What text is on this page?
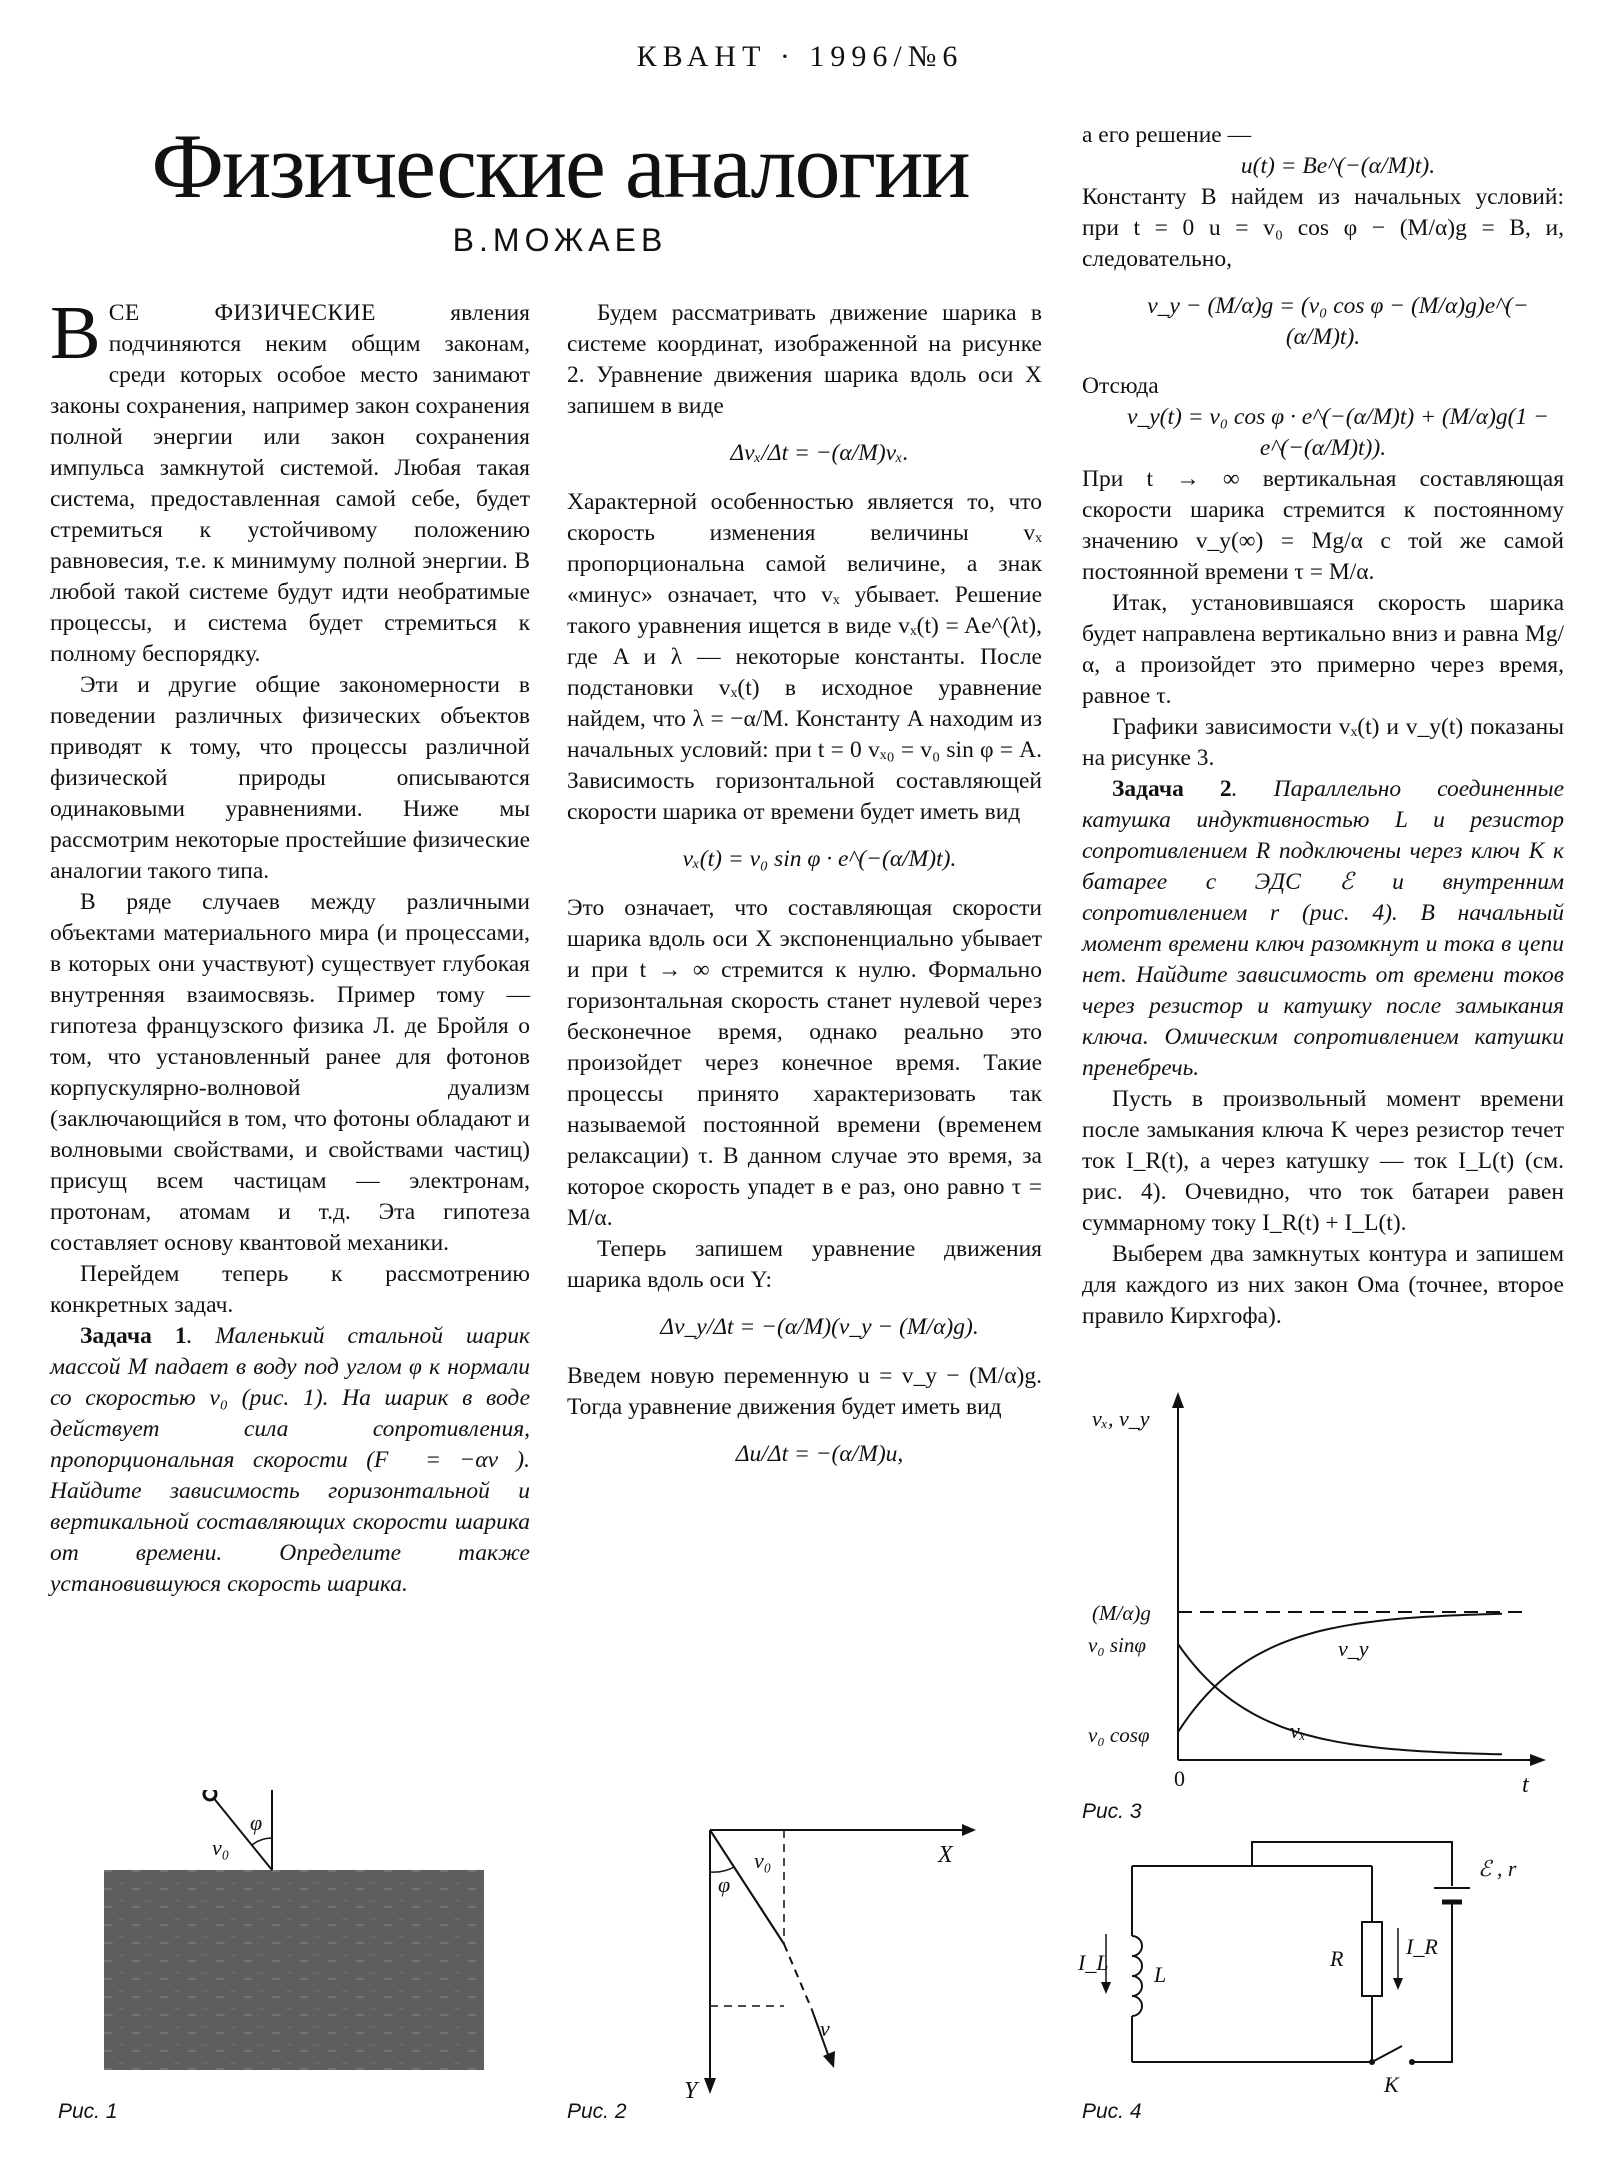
КВАНТ · 1996/№6
Физические аналогии
В.МОЖАЕВ

ВСЕ ФИЗИЧЕСКИЕ явления подчиняются неким общим законам, среди которых особое место занимают законы сохранения, например закон сохранения полной энергии или закон сохранения импульса замкнутой системой. Любая такая система, предоставленная самой себе, будет стремиться к устойчивому положению равновесия, т.е. к минимуму полной энергии. В любой такой системе будут идти необратимые процессы, и система будет стремиться к полному беспорядку.

Эти и другие общие закономерности в поведении различных физических объектов приводят к тому, что процессы различной физической природы описываются одинаковыми уравнениями. Ниже мы рассмотрим некоторые простейшие физические аналогии такого типа.

В ряде случаев между различными объектами материального мира (и процессами, в которых они участвуют) существует глубокая внутренняя взаимосвязь. Пример тому — гипотеза французского физика Л. де Бройля о том, что установленный ранее для фотонов корпускулярно-волновой дуализм (заключающийся в том, что фотоны обладают и волновыми свойствами, и свойствами частиц) присущ всем частицам — электронам, протонам, атомам и т.д. Эта гипотеза составляет основу квантовой механики.

Перейдем теперь к рассмотрению конкретных задач.

Задача 1. Маленький стальной шарик массой M падает в воду под углом φ к нормали со скоростью v₀ (рис. 1). На шарик в воде действует сила сопротивления, пропорциональная скорости (F⃗ = −αv⃗). Найдите зависимость горизонтальной и вертикальной составляющих скорости шарика от времени. Определите также установившуюся скорость шарика.

Будем рассматривать движение шарика в системе координат, изображенной на рисунке 2. Уравнение движения шарика вдоль оси X запишем в виде

Δvₓ/Δt = −(α/M)vₓ.

Характерной особенностью является то, что скорость изменения величины vₓ пропорциональна самой величине, а знак «минус» означает, что vₓ убывает. Решение такого уравнения ищется в виде vₓ(t) = Ae^(λt), где A и λ — некоторые константы. После подстановки vₓ(t) в исходное уравнение найдем, что λ = −α/M. Константу A находим из начальных условий: при t = 0 vₓ₀ = v₀ sin φ = A. Зависимость горизонтальной составляющей скорости шарика от времени будет иметь вид

vₓ(t) = v₀ sin φ · e^(−(α/M)t).

Это означает, что составляющая скорости шарика вдоль оси X экспоненциально убывает и при t → ∞ стремится к нулю. Формально горизонтальная скорость станет нулевой через бесконечное время, однако реально это произойдет через конечное время. Такие процессы принято характеризовать так называемой постоянной времени (временем релаксации) τ. В данном случае это время, за которое скорость упадет в e раз, оно равно τ = M/α.

Теперь запишем уравнение движения шарика вдоль оси Y:

Δv_y/Δt = −(α/M)(v_y − (M/α)g).

Введем новую переменную u = v_y − (M/α)g. Тогда уравнение движения будет иметь вид

Δu/Δt = −(α/M)u,

а его решение —

u(t) = Be^(−(α/M)t).

Константу B найдем из начальных условий: при t = 0 u = v₀ cos φ − (M/α)g = B, и, следовательно,

v_y − (M/α)g = (v₀ cos φ − (M/α)g)e^(−(α/M)t).

Отсюда

v_y(t) = v₀ cos φ · e^(−(α/M)t) + (M/α)g(1 − e^(−(α/M)t)).

При t → ∞ вертикальная составляющая скорости шарика стремится к постоянному значению v_y(∞) = Mg/α с той же самой постоянной времени τ = M/α.

Итак, установившаяся скорость шарика будет направлена вертикально вниз и равна Mg/α, а произойдет это примерно через время, равное τ.

Графики зависимости vₓ(t) и v_y(t) показаны на рисунке 3.

Задача 2. Параллельно соединенные катушка индуктивностью L и резистор сопротивлением R подключены через ключ K к батарее с ЭДС ℰ и внутренним сопротивлением r (рис. 4). В начальный момент времени ключ разомкнут и тока в цепи нет. Найдите зависимость от времени токов через резистор и катушку после замыкания ключа. Омическим сопротивлением катушки пренебречь.

Пусть в произвольный момент времени после замыкания ключа K через резистор течет ток I_R(t), а через катушку — ток I_L(t) (см. рис. 4). Очевидно, что ток батареи равен суммарному току I_R(t) + I_L(t).

Выберем два замкнутых контура и запишем для каждого из них закон Ома (точнее, второе правило Кирхгофа).

φ
v₀
Рис. 1
X
Y
v₀
φ
v
Рис. 2
vₓ, v_y
t
0
(M/α)g
v₀ sinφ
v₀ cosφ
v_y
vₓ
Рис. 3
ℰ , r
I_L L
R	I_R
K
Рис. 4
